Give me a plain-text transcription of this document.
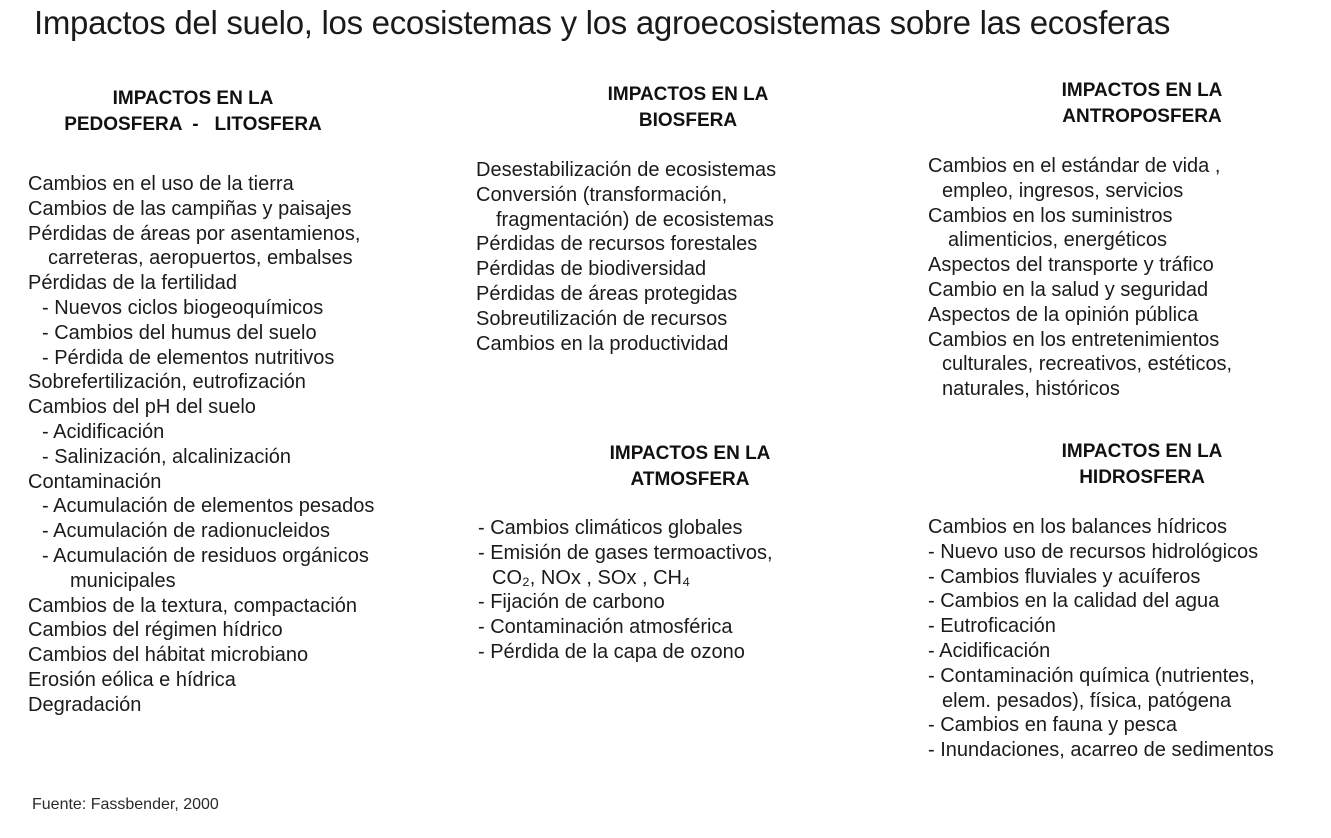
Impactos del suelo, los ecosistemas y los agroecosistemas sobre las ecosferas
IMPACTOS EN LA
PEDOSFERA  -   LITOSFERA
Cambios en el uso de la tierra
Cambios de las campiñas y paisajes
Pérdidas de áreas por asentamienos,
carreteras, aeropuertos, embalses
Pérdidas de la fertilidad
- Nuevos ciclos biogeoquímicos
- Cambios del humus del suelo
- Pérdida de elementos nutritivos
Sobrefertilización, eutrofización
Cambios del pH del suelo
- Acidificación
- Salinización, alcalinización
Contaminación
- Acumulación de elementos pesados
- Acumulación de radionucleidos
- Acumulación de residuos orgánicos
municipales
Cambios de la textura, compactación
Cambios del régimen hídrico
Cambios del hábitat microbiano
Erosión eólica e hídrica
Degradación
IMPACTOS EN LA
BIOSFERA
Desestabilización de ecosistemas
Conversión (transformación,
fragmentación) de ecosistemas
Pérdidas de recursos forestales
Pérdidas de biodiversidad
Pérdidas de áreas protegidas
Sobreutilización de recursos
Cambios en la productividad
IMPACTOS EN LA
ANTROPOSFERA
Cambios en el estándar de vida ,
empleo, ingresos, servicios
Cambios en los suministros
alimenticios, energéticos
Aspectos del transporte y tráfico
Cambio en la salud y seguridad
Aspectos de la opinión pública
Cambios en los entretenimientos
culturales, recreativos, estéticos,
naturales, históricos
IMPACTOS EN LA
ATMOSFERA
- Cambios climáticos globales
- Emisión de gases termoactivos,
CO₂, NOx , SOx , CH₄
- Fijación de carbono
- Contaminación atmosférica
- Pérdida de la capa de ozono
IMPACTOS EN LA
HIDROSFERA
Cambios en los balances hídricos
- Nuevo uso de recursos hidrológicos
- Cambios fluviales y acuíferos
- Cambios en la calidad del agua
- Eutroficación
- Acidificación
- Contaminación química (nutrientes,
elem. pesados), física, patógena
- Cambios en fauna y pesca
- Inundaciones, acarreo de sedimentos
Fuente: Fassbender, 2000
